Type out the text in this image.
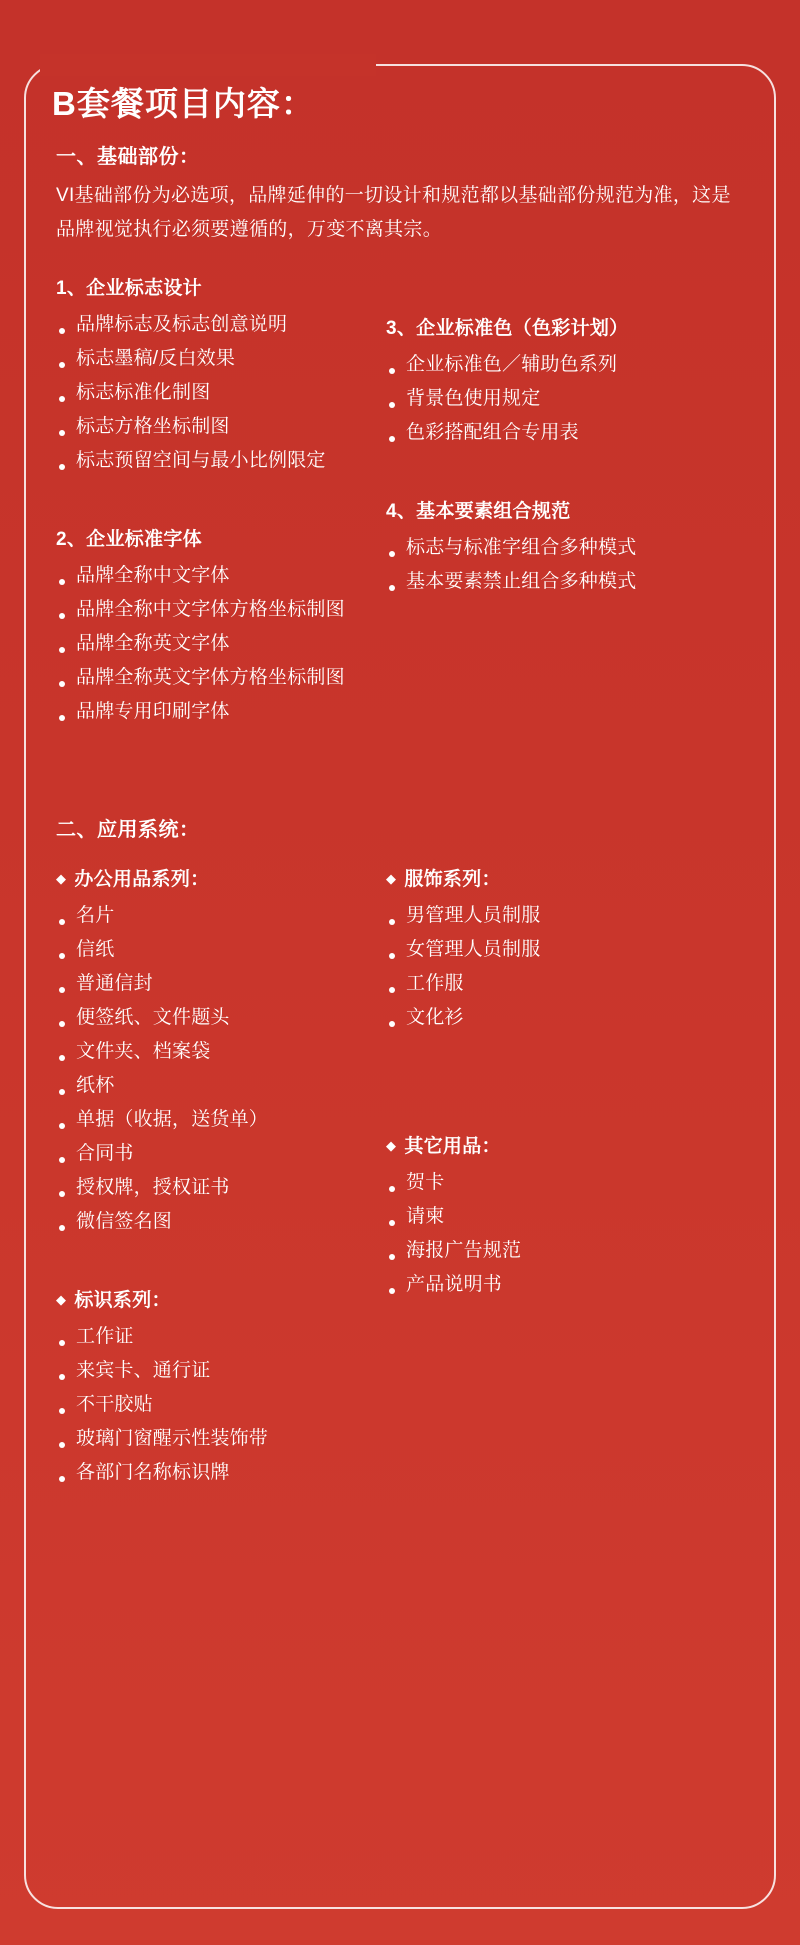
B套餐项目内容：
一、基础部份：

VI基础部份为必选项，品牌延伸的一切设计和规范都以基础部份规范为准，这是品牌视觉执行必须要遵循的，万变不离其宗。

1、企业标志设计
品牌标志及标志创意说明
标志墨稿/反白效果
标志标准化制图
标志方格坐标制图
标志预留空间与最小比例限定
2、企业标准字体
品牌全称中文字体
品牌全称中文字体方格坐标制图
品牌全称英文字体
品牌全称英文字体方格坐标制图
品牌专用印刷字体
3、企业标准色（色彩计划）
企业标准色／辅助色系列
背景色使用规定
色彩搭配组合专用表
4、基本要素组合规范
标志与标准字组合多种模式
基本要素禁止组合多种模式
二、应用系统：
◆ 办公用品系列：
名片
信纸
普通信封
便签纸、文件题头
文件夹、档案袋
纸杯
单据（收据，送货单）
合同书
授权牌，授权证书
微信签名图
◆ 标识系列：
工作证
来宾卡、通行证
不干胶贴
玻璃门窗醒示性装饰带
各部门名称标识牌
◆ 服饰系列：
男管理人员制服
女管理人员制服
工作服
文化衫
◆ 其它用品：
贺卡
请柬
海报广告规范
产品说明书
